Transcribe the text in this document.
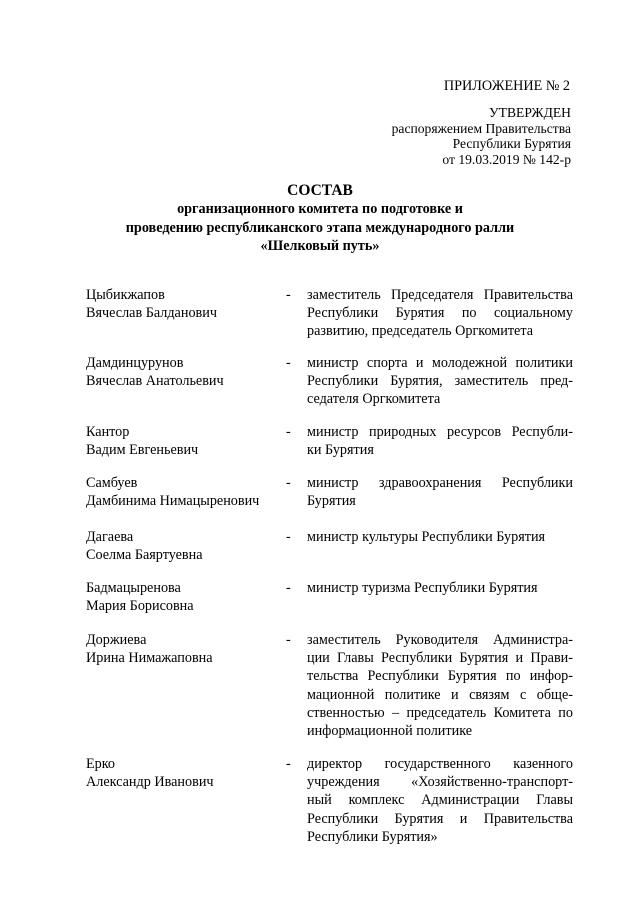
ПРИЛОЖЕНИЕ № 2
УТВЕРЖДЕН
распоряжением Правительства
Республики Бурятия
от 19.03.2019 № 142-р
СОСТАВ
организационного комитета по подготовке и
проведению республиканского этапа международного ралли
«Шелковый путь»
Цыбикжапов
Вячеслав Балданович
- заместитель Председателя Правительства
Республики Бурятия по социальному
развитию, председатель Оргкомитета
Дамдинцурунов
Вячеслав Анатольевич
- министр спорта и молодежной политики
Республики Бурятия, заместитель пред-
седателя Оргкомитета
Кантор
Вадим Евгеньевич
- министр природных ресурсов Республи-
ки Бурятия
Самбуев
Дамбинима Нимацыренович
- министр здравоохранения Республики
Бурятия
Дагаева
Соелма Баяртуевна
- министр культуры Республики Бурятия
Бадмацыренова
Мария Борисовна
- министр туризма Республики Бурятия
Доржиева
Ирина Нимажаповна
- заместитель Руководителя Администра-
ции Главы Республики Бурятия и Прави-
тельства Республики Бурятия по инфор-
мационной политике и связям с обще-
ственностью – председатель Комитета по
информационной политике
Ерко
Александр Иванович
- директор государственного казенного
учреждения «Хозяйственно-транспорт-
ный комплекс Администрации Главы
Республики Бурятия и Правительства
Республики Бурятия»
